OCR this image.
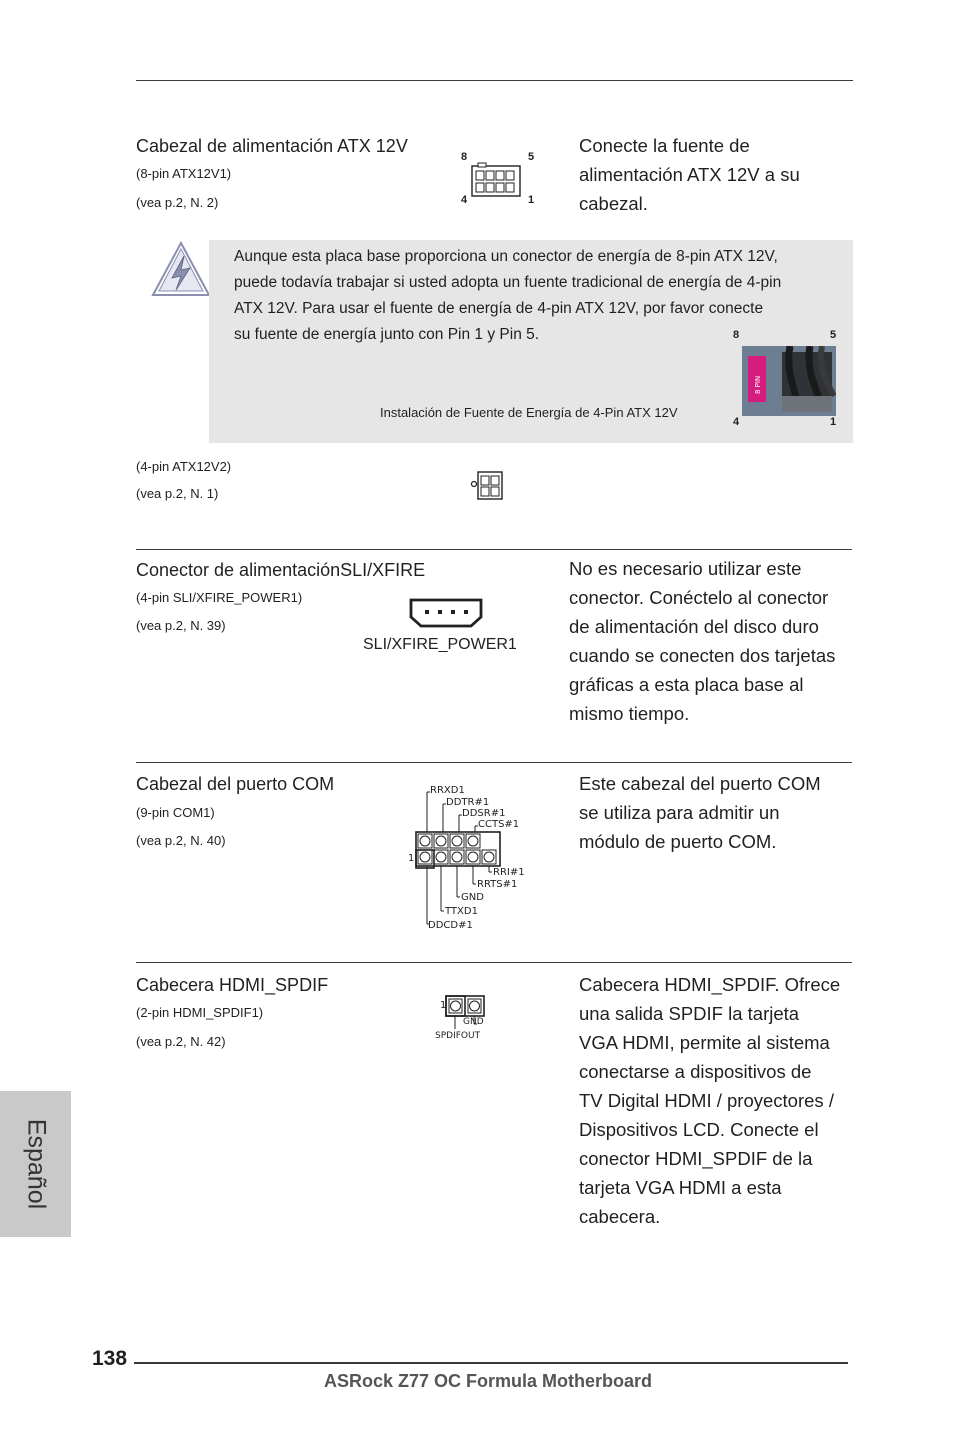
Cabezal de alimentación ATX 12V
(8-pin ATX12V1)
(vea p.2, N. 2)
8	5
4	1
Conecte la fuente de
alimentación ATX 12V a su
cabezal.
Aunque esta placa base proporciona un conector de energía de 8-pin ATX 12V,
puede todavía trabajar si usted adopta un fuente tradicional de energía de 4-pin
ATX 12V. Para usar el fuente de energía de 4-pin ATX 12V, por favor conecte
su fuente de energía junto con Pin 1 y Pin 5.
Instalación de Fuente de Energía de 4-Pin ATX 12V
8	5
4	1
8 PIN
(4-pin ATX12V2)
(vea p.2, N. 1)
Conector de alimentaciónSLI/XFIRE
(4-pin SLI/XFIRE_POWER1)
(vea p.2, N. 39)
SLI/XFIRE_POWER1
No es necesario utilizar este
conector. Conéctelo al conector
de alimentación del disco duro
cuando se conecten dos tarjetas
gráficas a esta placa base al
mismo tiempo.
Cabezal del puerto COM
(9-pin COM1)
(vea p.2, N. 40)
1
RRXD1
DDTR#1
DDSR#1
CCTS#1
RRI#1
RRTS#1
GND
TTXD1
DDCD#1
Este cabezal del puerto COM
se utiliza para admitir un
módulo de puerto COM.
Cabecera HDMI_SPDIF
(2-pin HDMI_SPDIF1)
(vea p.2, N. 42)
1
GND
SPDIFOUT
Cabecera HDMI_SPDIF. Ofrece
una salida SPDIF la tarjeta
VGA HDMI, permite al sistema
conectarse a dispositivos de
TV Digital HDMI / proyectores /
Dispositivos LCD. Conecte el
conector HDMI_SPDIF de la
tarjeta VGA HDMI a esta
cabecera.
Español
138
ASRock Z77 OC Formula Motherboard
